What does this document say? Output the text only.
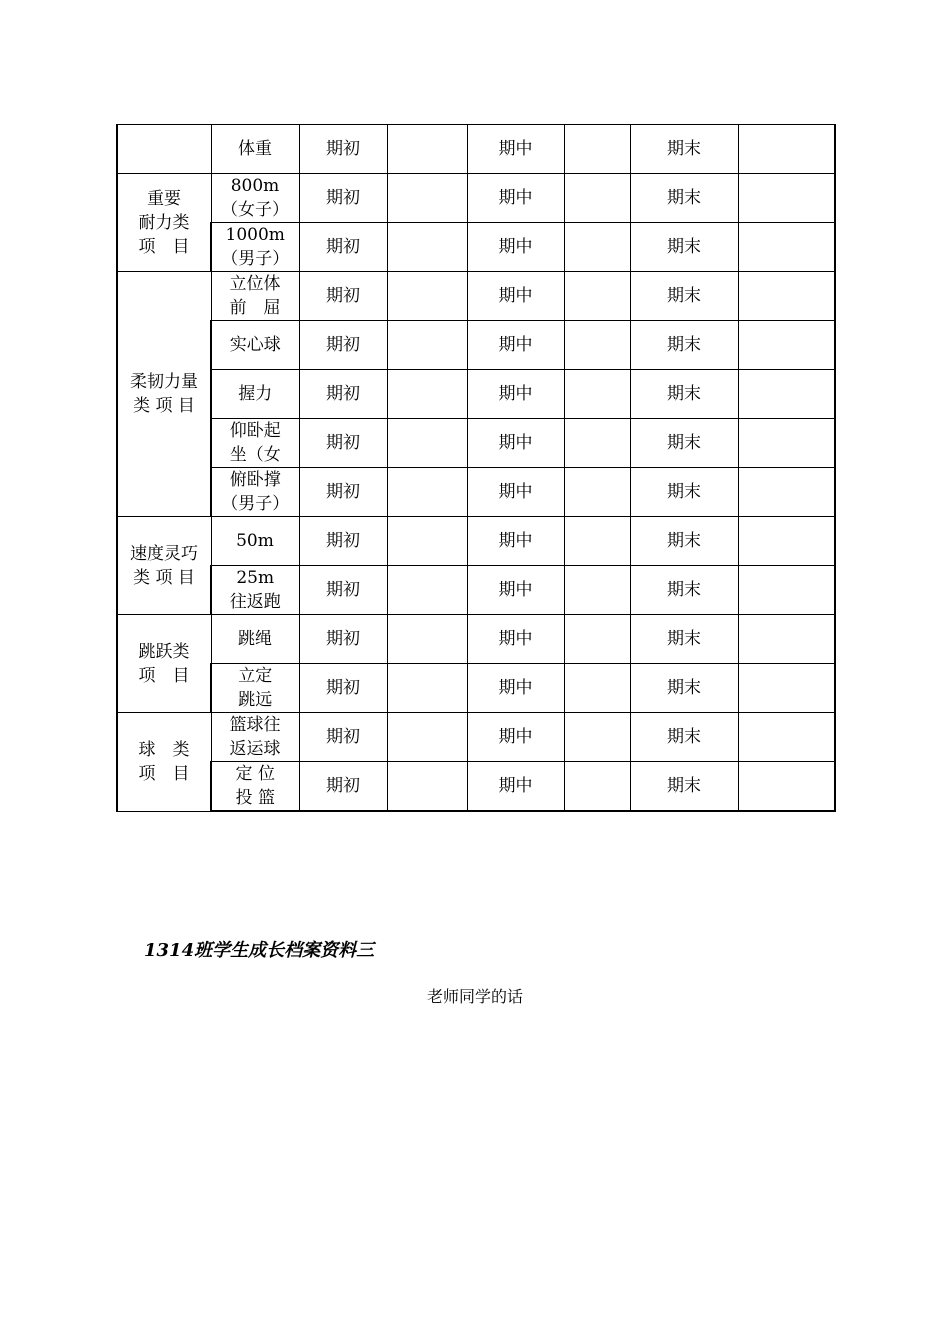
	体重	期初		期中		期末	
重要
耐力类
项　目	800m
（女子）	期初		期中		期末	
	1000m
（男子）	期初		期中		期末	
柔韧力量
类 项 目	立位体
前　屈	期初		期中		期末	
	实心球	期初		期中		期末	
	握力	期初		期中		期末	
	仰卧起
坐（女	期初		期中		期末	
	俯卧撑
（男子）	期初		期中		期末	
速度灵巧
类 项 目	50m	期初		期中		期末	
	25m
往返跑	期初		期中		期末	
跳跃类
项　目	跳绳	期初		期中		期末	
	立定
跳远	期初		期中		期末	
球　类
项　目	篮球往
返运球	期初		期中		期末	
	定 位
投 篮	期初		期中		期末	
1314班学生成长档案资料三
老师同学的话
